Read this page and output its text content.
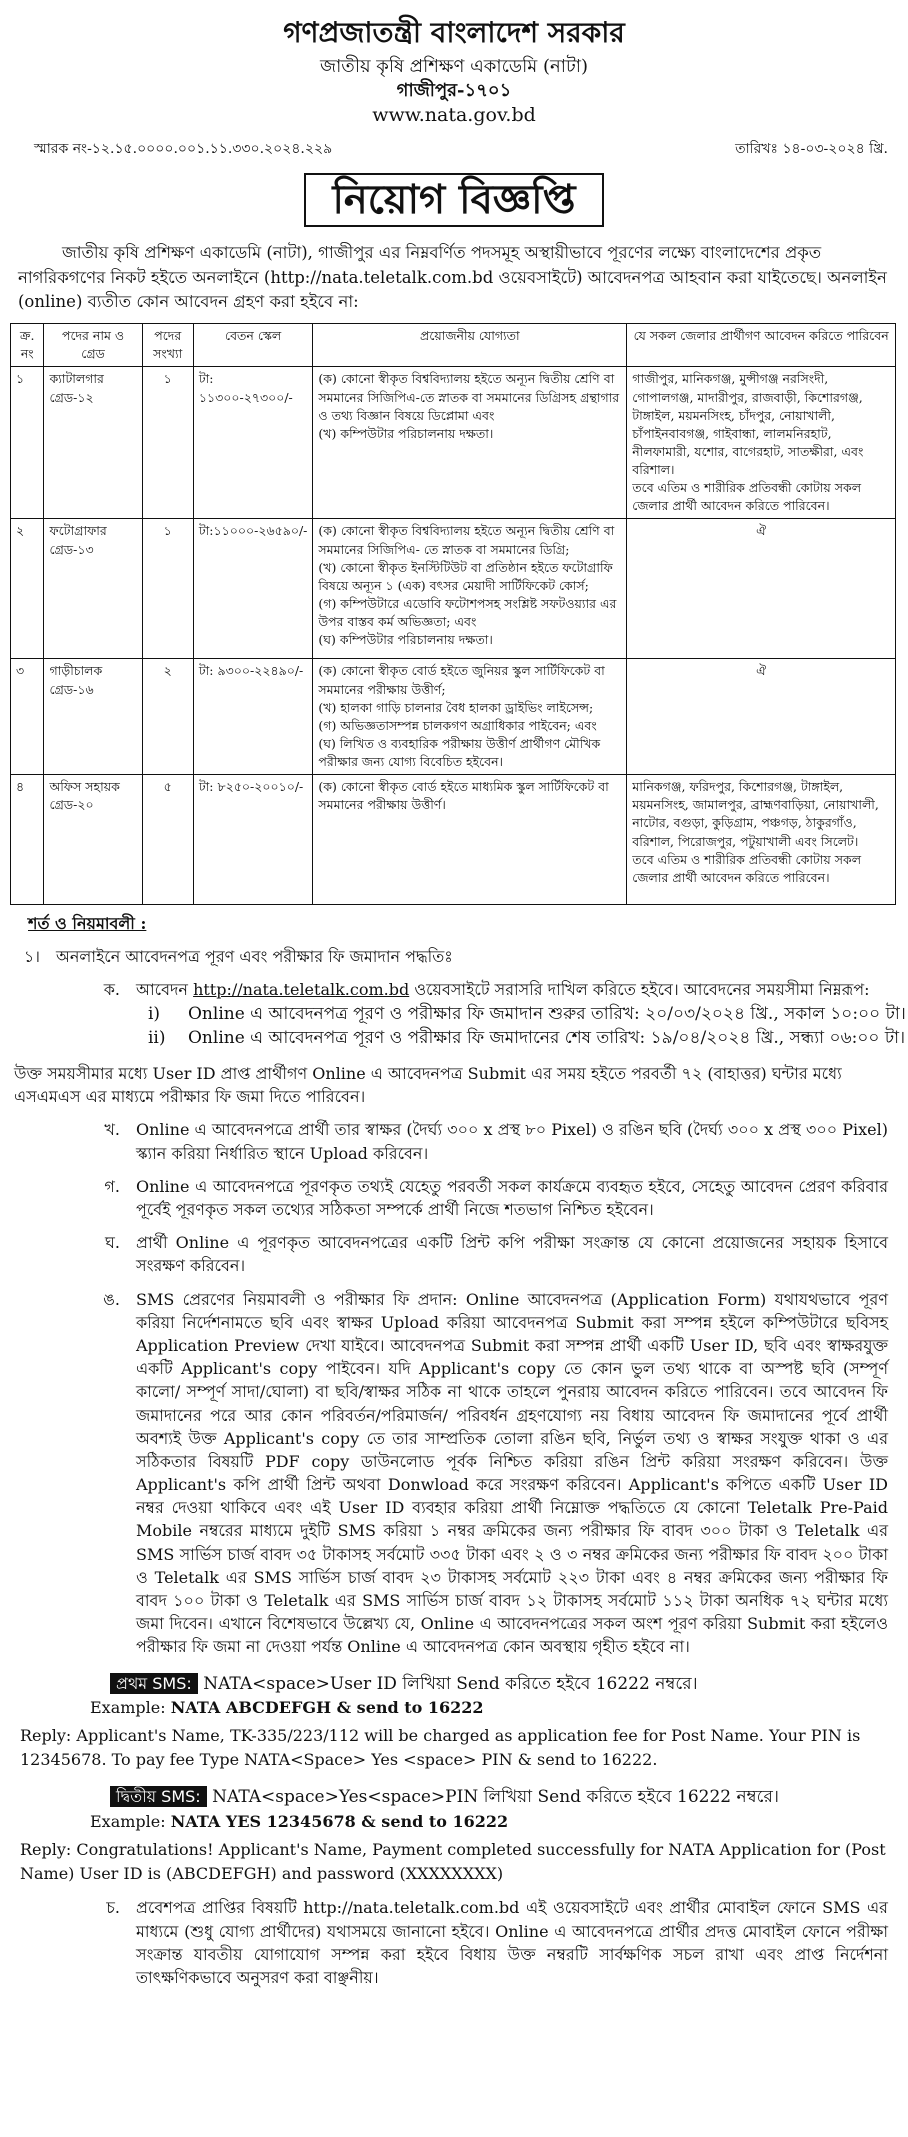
গণপ্রজাতন্ত্রী বাংলাদেশ সরকার
জাতীয় কৃষি প্রশিক্ষণ একাডেমি (নাটা)
গাজীপুর-১৭০১
www.nata.gov.bd
স্মারক নং-১২.১৫.০০০০.০০১.১১.৩৩০.২০২৪.২২৯	তারিখঃ ১৪-০৩-২০২৪ খ্রি.
নিয়োগ বিজ্ঞপ্তি
জাতীয় কৃষি প্রশিক্ষণ একাডেমি (নাটা), গাজীপুর এর নিম্নবর্ণিত পদসমূহ অস্থায়ীভাবে পূরণের লক্ষ্যে বাংলাদেশের প্রকৃত নাগরিকগণের নিকট হইতে অনলাইনে (http://nata.teletalk.com.bd ওয়েবসাইটে) আবেদনপত্র আহবান করা যাইতেছে। অনলাইন (online) ব্যতীত কোন আবেদন গ্রহণ করা হইবে না:
ক্র. নং	পদের নাম ও গ্রেড	পদের সংখ্যা	বেতন স্কেল	প্রয়োজনীয় যোগ্যতা	যে সকল জেলার প্রার্থীগণ আবেদন করিতে পারিবেন
১	ক্যাটালগার গ্রেড-১২	১	টা: ১১৩০০-২৭৩০০/-	(ক) কোনো স্বীকৃত বিশ্ববিদ্যালয় হইতে অন্যূন দ্বিতীয় শ্রেণি বা সমমানের সিজিপিএ-তে স্নাতক বা সমমানের ডিগ্রিসহ গ্রন্থাগার ও তথ্য বিজ্ঞান বিষয়ে ডিপ্লোমা এবং
(খ) কম্পিউটার পরিচালনায় দক্ষতা।	গাজীপুর, মানিকগঞ্জ, মুন্সীগঞ্জ নরসিংদী, গোপালগঞ্জ, মাদারীপুর, রাজবাড়ী, কিশোরগঞ্জ, টাঙ্গাইল, ময়মনসিংহ, চাঁদপুর, নোয়াখালী, চাঁপাইনবাবগঞ্জ, গাইবান্ধা, লালমনিরহাট, নীলফামারী, যশোর, বাগেরহাট, সাতক্ষীরা, এবং বরিশাল।
তবে এতিম ও শারীরিক প্রতিবন্ধী কোটায় সকল জেলার প্রার্থী আবেদন করিতে পারিবেন।
২	ফটোগ্রাফার গ্রেড-১৩	১	টা:১১০০০-২৬৫৯০/-	(ক) কোনো স্বীকৃত বিশ্ববিদ্যালয় হইতে অন্যূন দ্বিতীয় শ্রেণি বা সমমানের সিজিপিএ- তে স্নাতক বা সমমানের ডিগ্রি;
(খ) কোনো স্বীকৃত ইনস্টিটিউট বা প্রতিষ্ঠান হইতে ফটোগ্রাফি বিষয়ে অন্যূন ১ (এক) বৎসর মেয়াদী সার্টিফিকেট কোর্স;
(গ) কম্পিউটারে এডোবি ফটোশপসহ সংশ্লিষ্ট সফটওয়্যার এর উপর বাস্তব কর্ম অভিজ্ঞতা; এবং
(ঘ) কম্পিউটার পরিচালনায় দক্ষতা।	ঐ
৩	গাড়ীচালক গ্রেড-১৬	২	টা: ৯৩০০-২২৪৯০/-	(ক) কোনো স্বীকৃত বোর্ড হইতে জুনিয়র স্কুল সার্টিফিকেট বা সমমানের পরীক্ষায় উত্তীর্ণ;
(খ) হালকা গাড়ি চালনার বৈধ হালকা ড্রাইভিং লাইসেন্স;
(গ) অভিজ্ঞতাসম্পন্ন চালকগণ অগ্রাধিকার পাইবেন; এবং
(ঘ) লিখিত ও ব্যবহারিক পরীক্ষায় উত্তীর্ণ প্রার্থীগণ মৌখিক পরীক্ষার জন্য যোগ্য বিবেচিত হইবেন।	ঐ
৪	অফিস সহায়ক গ্রেড-২০	৫	টা: ৮২৫০-২০০১০/-	(ক) কোনো স্বীকৃত বোর্ড হইতে মাধ্যমিক স্কুল সার্টিফিকেট বা সমমানের পরীক্ষায় উত্তীর্ণ।	মানিকগঞ্জ, ফরিদপুর, কিশোরগঞ্জ, টাঙ্গাইল, ময়মনসিংহ, জামালপুর, ব্রাহ্মণবাড়িয়া, নোয়াখালী, নাটোর, বগুড়া, কুড়িগ্রাম, পঞ্চগড়, ঠাকুরগাঁও, বরিশাল, পিরোজপুর, পটুয়াখালী এবং সিলেট।
তবে এতিম ও শারীরিক প্রতিবন্ধী কোটায় সকল জেলার প্রার্থী আবেদন করিতে পারিবেন।
শর্ত ও নিয়মাবলী :
১।	অনলাইনে আবেদনপত্র পূরণ এবং পরীক্ষার ফি জমাদান পদ্ধতিঃ
ক.	আবেদন http://nata.teletalk.com.bd ওয়েবসাইটে সরাসরি দাখিল করিতে হইবে। আবেদনের সময়সীমা নিম্নরূপ:
i)	Online এ আবেদনপত্র পূরণ ও পরীক্ষার ফি জমাদান শুরুর তারিখ: ২০/০৩/২০২৪ খ্রি., সকাল ১০:০০ টা।
ii)	Online এ আবেদনপত্র পূরণ ও পরীক্ষার ফি জমাদানের শেষ তারিখ: ১৯/০৪/২০২৪ খ্রি., সন্ধ্যা ০৬:০০ টা।
উক্ত সময়সীমার মধ্যে User ID প্রাপ্ত প্রার্থীগণ Online এ আবেদনপত্র Submit এর সময় হইতে পরবর্তী ৭২ (বাহাত্তর) ঘন্টার মধ্যে এসএমএস এর মাধ্যমে পরীক্ষার ফি জমা দিতে পারিবেন।
খ.	Online এ আবেদনপত্রে প্রার্থী তার স্বাক্ষর (দৈর্ঘ্য ৩০০ x প্রস্থ ৮০ Pixel) ও রঙিন ছবি (দৈর্ঘ্য ৩০০ x প্রস্থ ৩০০ Pixel) স্ক্যান করিয়া নির্ধারিত স্থানে Upload করিবেন।
গ.	Online এ আবেদনপত্রে পূরণকৃত তথ্যই যেহেতু পরবর্তী সকল কার্যক্রমে ব্যবহৃত হইবে, সেহেতু আবেদন প্রেরণ করিবার পূর্বেই পূরণকৃত সকল তথ্যের সঠিকতা সম্পর্কে প্রার্থী নিজে শতভাগ নিশ্চিত হইবেন।
ঘ.	প্রার্থী Online এ পূরণকৃত আবেদনপত্রের একটি প্রিন্ট কপি পরীক্ষা সংক্রান্ত যে কোনো প্রয়োজনের সহায়ক হিসাবে সংরক্ষণ করিবেন।
ঙ.	SMS প্রেরণের নিয়মাবলী ও পরীক্ষার ফি প্রদান: Online আবেদনপত্র (Application Form) যথাযথভাবে পূরণ করিয়া নির্দেশনামতে ছবি এবং স্বাক্ষর Upload করিয়া আবেদনপত্র Submit করা সম্পন্ন হইলে কম্পিউটারে ছবিসহ Application Preview দেখা যাইবে। আবেদনপত্র Submit করা সম্পন্ন প্রার্থী একটি User ID, ছবি এবং স্বাক্ষরযুক্ত একটি Applicant's copy পাইবেন। যদি Applicant's copy তে কোন ভুল তথ্য থাকে বা অস্পষ্ট ছবি (সম্পূর্ণ কালো/ সম্পূর্ণ সাদা/ঘোলা) বা ছবি/স্বাক্ষর সঠিক না থাকে তাহলে পুনরায় আবেদন করিতে পারিবেন। তবে আবেদন ফি জমাদানের পরে আর কোন পরিবর্তন/পরিমার্জন/ পরিবর্ধন গ্রহণযোগ্য নয় বিধায় আবেদন ফি জমাদানের পূর্বে প্রার্থী অবশ্যই উক্ত Applicant's copy তে তার সাম্প্রতিক তোলা রঙিন ছবি, নির্ভুল তথ্য ও স্বাক্ষর সংযুক্ত থাকা ও এর সঠিকতার বিষয়টি PDF copy ডাউনলোড পূর্বক নিশ্চিত করিয়া রঙিন প্রিন্ট করিয়া সংরক্ষণ করিবেন। উক্ত Applicant's কপি প্রার্থী প্রিন্ট অথবা Donwload করে সংরক্ষণ করিবেন। Applicant's কপিতে একটি User ID নম্বর দেওয়া থাকিবে এবং এই User ID ব্যবহার করিয়া প্রার্থী নিম্নোক্ত পদ্ধতিতে যে কোনো Teletalk Pre-Paid Mobile নম্বরের মাধ্যমে দুইটি SMS করিয়া ১ নম্বর ক্রমিকের জন্য পরীক্ষার ফি বাবদ ৩০০ টাকা ও Teletalk এর SMS সার্ভিস চার্জ বাবদ ৩৫ টাকাসহ সর্বমোট ৩৩৫ টাকা এবং ২ ও ৩ নম্বর ক্রমিকের জন্য পরীক্ষার ফি বাবদ ২০০ টাকা ও Teletalk এর SMS সার্ভিস চার্জ বাবদ ২৩ টাকাসহ সর্বমোট ২২৩ টাকা এবং ৪ নম্বর ক্রমিকের জন্য পরীক্ষার ফি বাবদ ১০০ টাকা ও Teletalk এর SMS সার্ভিস চার্জ বাবদ ১২ টাকাসহ সর্বমোট ১১২ টাকা অনধিক ৭২ ঘন্টার মধ্যে জমা দিবেন। এখানে বিশেষভাবে উল্লেখ্য যে, Online এ আবেদনপত্রের সকল অংশ পূরণ করিয়া Submit করা হইলেও পরীক্ষার ফি জমা না দেওয়া পর্যন্ত Online এ আবেদনপত্র কোন অবস্থায় গৃহীত হইবে না।
প্রথম SMS: NATA<space>User ID লিখিয়া Send করিতে হইবে 16222 নম্বরে।
Example: NATA ABCDEFGH & send to 16222
Reply: Applicant's Name, TK-335/223/112 will be charged as application fee for Post Name. Your PIN is 12345678. To pay fee Type NATA<Space> Yes <space> PIN & send to 16222.
দ্বিতীয় SMS: NATA<space>Yes<space>PIN লিখিয়া Send করিতে হইবে 16222 নম্বরে।
Example: NATA YES 12345678 & send to 16222
Reply: Congratulations! Applicant's Name, Payment completed successfully for NATA Application for (Post Name) User ID is (ABCDEFGH) and password (XXXXXXXX)
চ.	প্রবেশপত্র প্রাপ্তির বিষয়টি http://nata.teletalk.com.bd এই ওয়েবসাইটে এবং প্রার্থীর মোবাইল ফোনে SMS এর মাধ্যমে (শুধু যোগ্য প্রার্থীদের) যথাসময়ে জানানো হইবে। Online এ আবেদনপত্রে প্রার্থীর প্রদত্ত মোবাইল ফোনে পরীক্ষা সংক্রান্ত যাবতীয় যোগাযোগ সম্পন্ন করা হইবে বিধায় উক্ত নম্বরটি সার্বক্ষণিক সচল রাখা এবং প্রাপ্ত নির্দেশনা তাৎক্ষণিকভাবে অনুসরণ করা বাঞ্ছনীয়।
